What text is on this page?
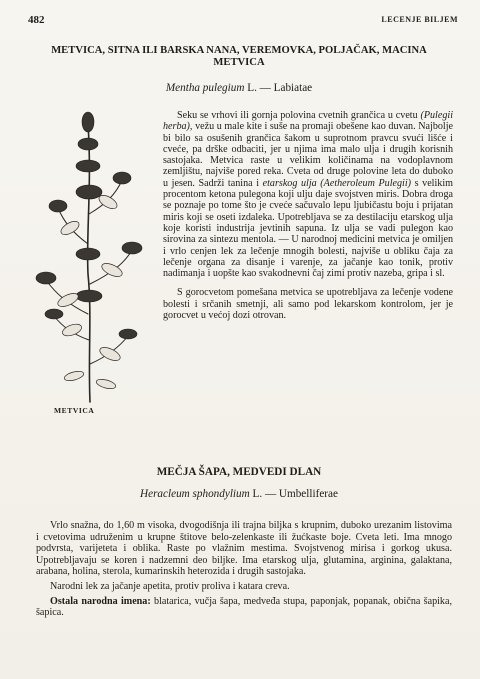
482	LECENJE BILJEM
METVICA, SITNA ILI BARSKA NANA, VEREMOVKA, POLJAČAK, MACINA METVICA
Mentha pulegium L. — Labiatae
METVICA

Seku se vrhovi ili gornja polovina cvetnih grančica u cvetu (Pulegii herba), vežu u male kite i suše na promaji obešene kao duvan. Najbolje bi bilo sa osušenih grančica šakom u suprotnom pravcu svući lišće i cveće, pa drške odbaciti, jer u njima ima malo ulja i drugih korisnih sastojaka. Metvica raste u velikim količinama na vodoplavnom zemljištu, najviše pored reka. Cveta od druge polovine leta do duboko u jesen. Sadrži tanina i etarskog ulja (Aetheroleum Pulegii) s velikim procentom ketona pulegona koji ulju daje svojstven miris. Dobra droga se poznaje po tome što je cveće sačuvalo lepu ljubičastu boju i prijatan miris koji se oseti izdaleka. Upotrebljava se za destilaciju etarskog ulja koje koristi industrija jevtinih sapuna. Iz ulja se vadi pulegon kao sirovina za sintezu mentola. — U narodnoj medicini metvica je omiljen i vrlo cenjen lek za lečenje mnogih bolesti, najviše u obliku čaja za lečenje organa za disanje i varenje, za jačanje kao tonik, protiv nadimanja i uopšte kao svakodnevni čaj zimi protiv nazeba, gripa i sl.

S gorocvetom pomešana metvica se upotrebljava za lečenje vodene bolesti i srčanih smetnji, ali samo pod lekarskom kontrolom, jer je gorocvet u većoj dozi otrovan.

MEČJA ŠAPA, MEDVEDI DLAN
Heracleum sphondylium L. — Umbelliferae

Vrlo snažna, do 1,60 m visoka, dvogodišnja ili trajna biljka s krupnim, duboko urezanim listovima i cvetovima udruženim u krupne štitove belo-zelenkaste ili žućkaste boje. Cveta leti. Ima mnogo podvrsta, varijeteta i oblika. Raste po vlažnim mestima. Svojstvenog mirisa i gorkog ukusa. Upotrebljavaju se koren i nadzemni deo biljke. Ima etarskog ulja, glutamina, arginina, galaktana, arabana, holina, sterola, kumarinskih heterozida i drugih sastojaka.

Narodni lek za jačanje apetita, protiv proliva i katara creva.

Ostala narodna imena: blatarica, vučja šapa, medveđa stupa, paponjak, popanak, obična šapika, šapica.
